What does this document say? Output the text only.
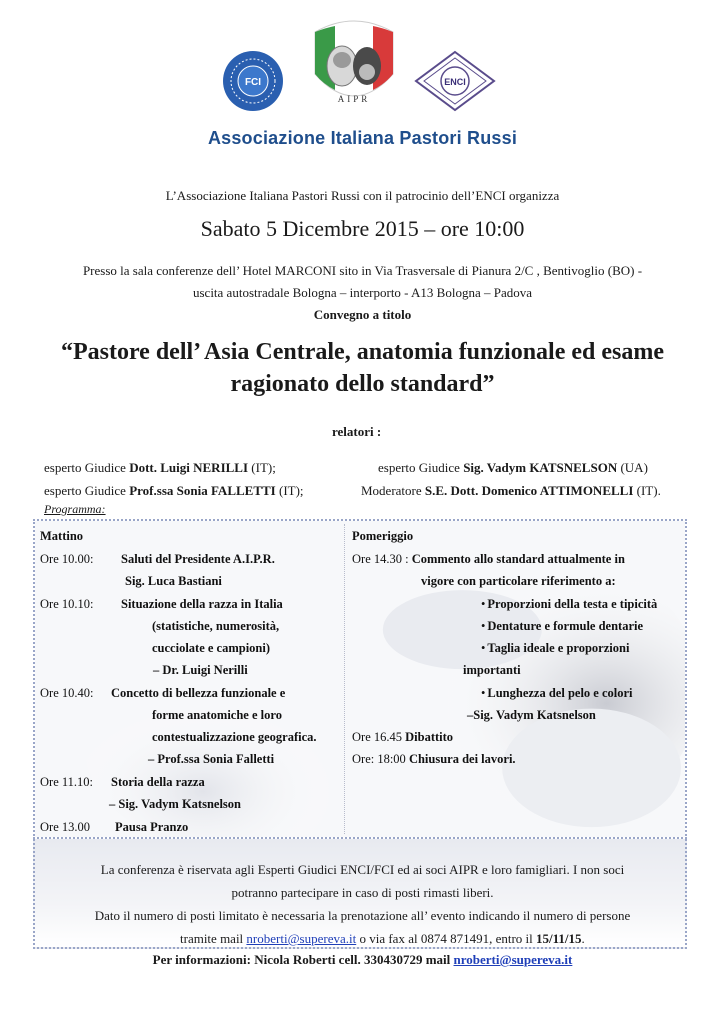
FCI
AIPR
ENCI
Associazione Italiana Pastori Russi
L’Associazione Italiana Pastori Russi con il patrocinio dell’ENCI organizza
Sabato 5 Dicembre 2015 – ore 10:00
Presso la sala conferenze dell’ Hotel MARCONI sito in Via Trasversale di Pianura 2/C , Bentivoglio (BO) -
uscita autostradale Bologna – interporto - A13 Bologna – Padova
Convegno a titolo
“Pastore dell’ Asia Centrale, anatomia funzionale ed esame
ragionato dello standard”
relatori :
esperto Giudice Dott. Luigi NERILLI (IT);
esperto Giudice Prof.ssa Sonia FALLETTI (IT);
esperto Giudice Sig. Vadym KATSNELSON (UA)
Moderatore S.E. Dott. Domenico ATTIMONELLI (IT).
Programma:
Mattino
Ore 10.00: Saluti del Presidente A.I.P.R.
Sig. Luca Bastiani
Ore 10.10: Situazione della razza in Italia
(statistiche, numerosità,
cucciolate e campioni)
– Dr. Luigi Nerilli
Ore 10.40: Concetto di bellezza funzionale e
forme anatomiche e loro
contestualizzazione geografica.
– Prof.ssa Sonia Falletti
Ore 11.10: Storia della razza
– Sig. Vadym Katsnelson
Ore 13.00 Pausa Pranzo
Pomeriggio
Ore 14.30 : Commento allo standard attualmente in
vigore con particolare riferimento a:
• Proporzioni della testa e tipicità
• Dentature e formule dentarie
• Taglia ideale e proporzioni
importanti
• Lunghezza del pelo e colori
–Sig. Vadym Katsnelson
Ore 16.45 Dibattito
Ore: 18:00 Chiusura dei lavori.
La conferenza è riservata agli Esperti Giudici ENCI/FCI ed ai soci AIPR e loro famigliari. I non soci
potranno partecipare in caso di posti rimasti liberi.
Dato il numero di posti limitato è necessaria la prenotazione all’ evento indicando il numero di persone
tramite mail nroberti@supereva.it o via fax al 0874 871491, entro il 15/11/15.
Per informazioni: Nicola Roberti cell. 330430729 mail nroberti@supereva.it
